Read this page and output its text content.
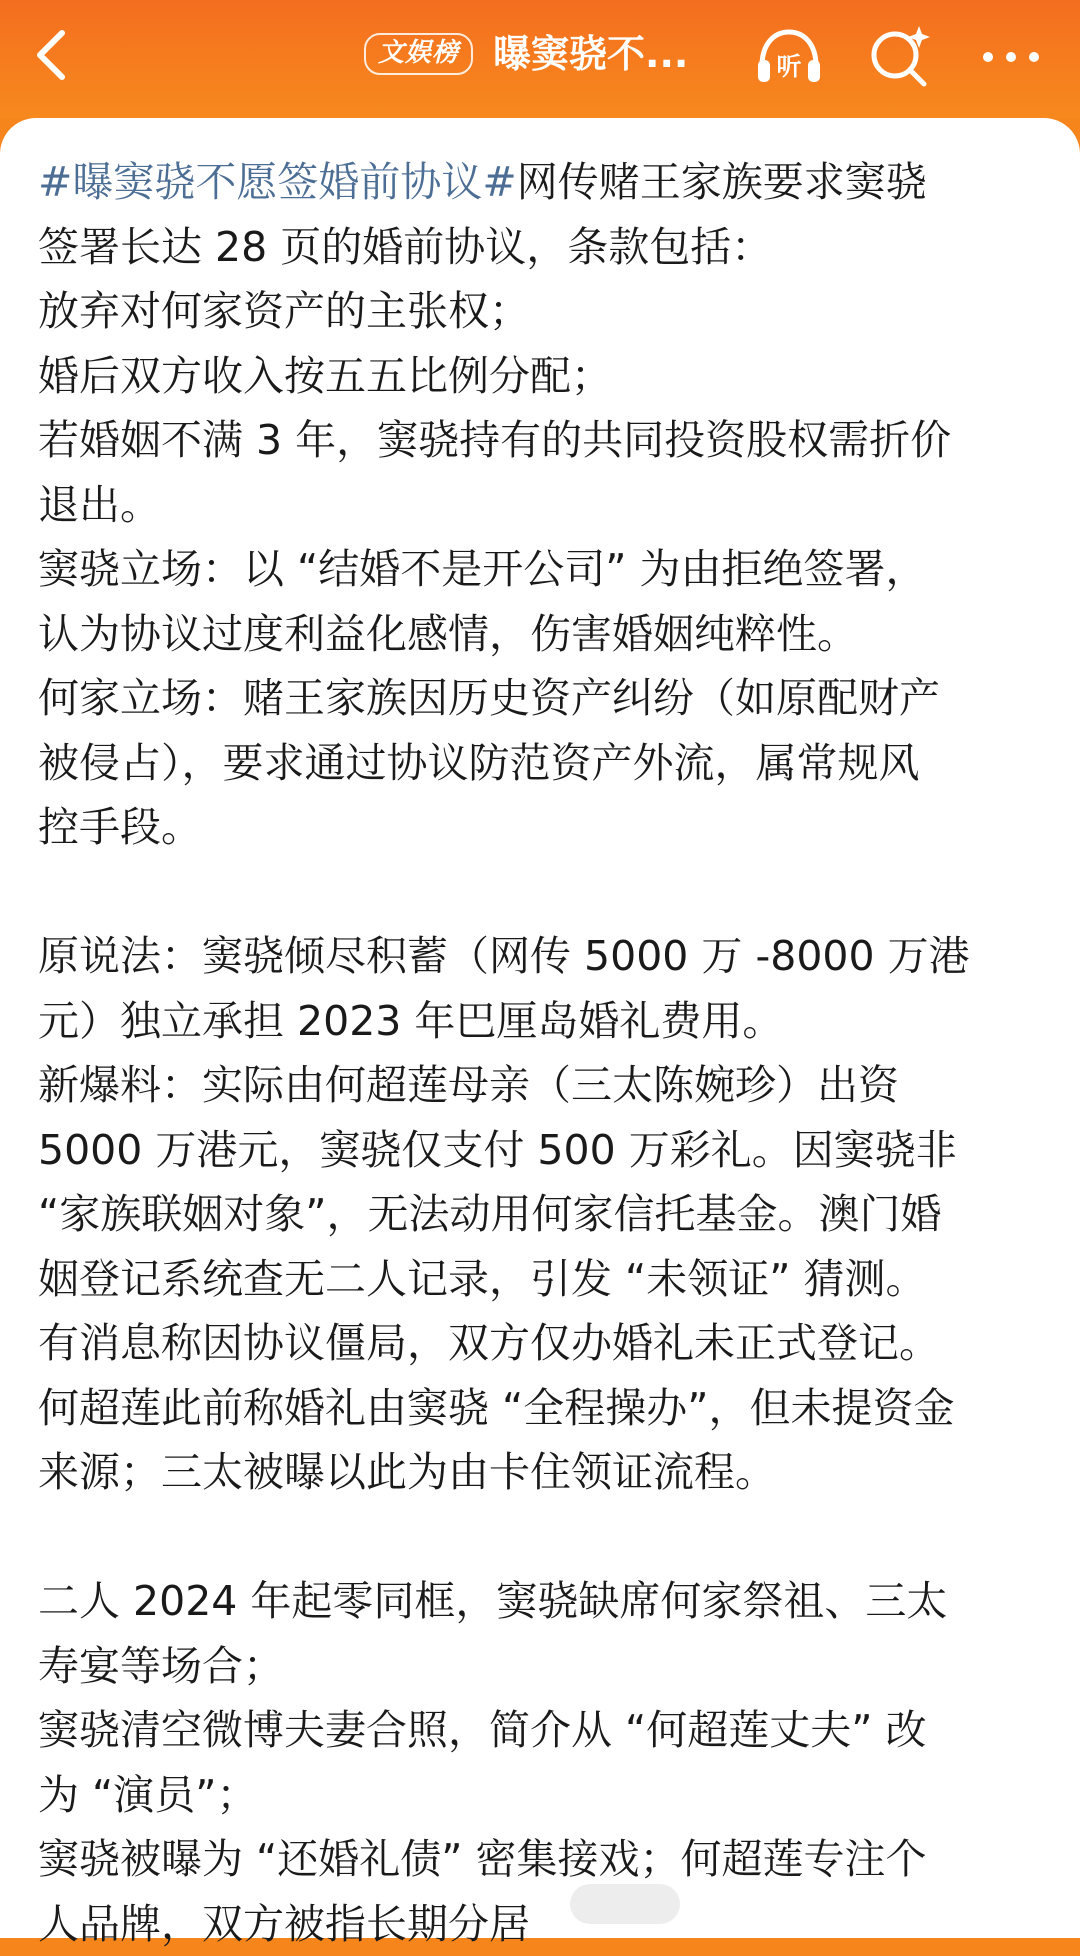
文娱榜 曝窦骁不...	听
#曝窦骁不愿签婚前协议#网传赌王家族要求窦骁
签署长达 28 页的婚前协议，条款包括：
放弃对何家资产的主张权；
婚后双方收入按五五比例分配；
若婚姻不满 3 年，窦骁持有的共同投资股权需折价
退出。
窦骁立场：以 “结婚不是开公司” 为由拒绝签署，
认为协议过度利益化感情，伤害婚姻纯粹性。
何家立场：赌王家族因历史资产纠纷（如原配财产
被侵占），要求通过协议防范资产外流，属常规风
控手段。
原说法：窦骁倾尽积蓄（网传 5000 万 -8000 万港
元）独立承担 2023 年巴厘岛婚礼费用。
新爆料：实际由何超莲母亲（三太陈婉珍）出资
5000 万港元，窦骁仅支付 500 万彩礼。因窦骁非
“家族联姻对象”，无法动用何家信托基金。澳门婚
姻登记系统查无二人记录，引发 “未领证” 猜测。
有消息称因协议僵局，双方仅办婚礼未正式登记。
何超莲此前称婚礼由窦骁 “全程操办”，但未提资金
来源；三太被曝以此为由卡住领证流程。
二人 2024 年起零同框，窦骁缺席何家祭祖、三太
寿宴等场合；
窦骁清空微博夫妻合照，简介从 “何超莲丈夫” 改
为 “演员”；
窦骁被曝为 “还婚礼债” 密集接戏；何超莲专注个
人品牌，双方被指长期分居
